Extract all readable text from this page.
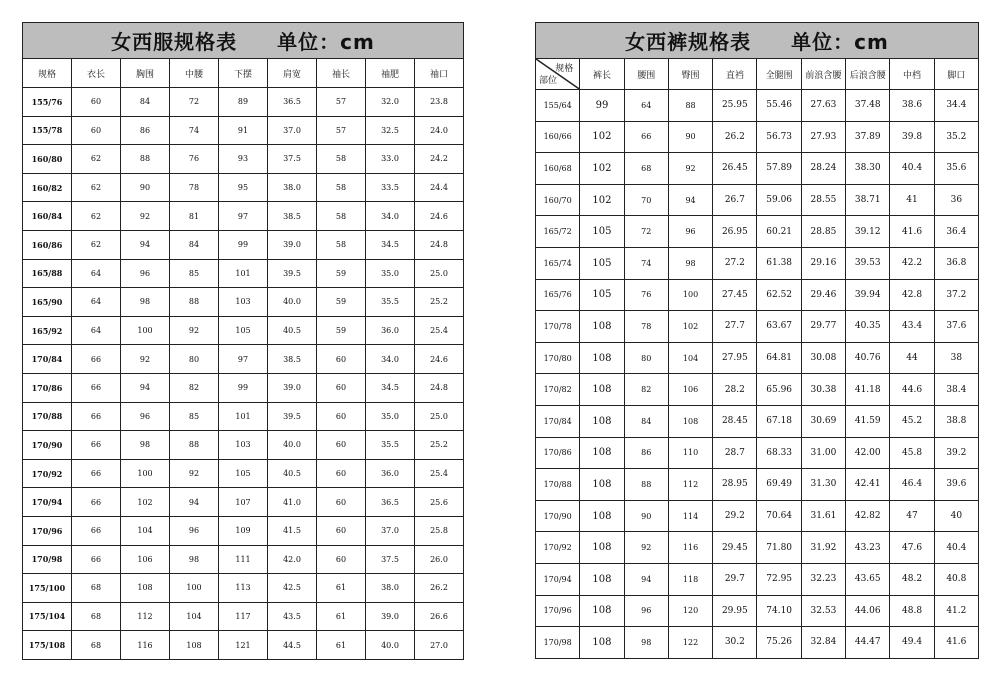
女西服规格表 单位：cm
规格	衣长	胸围	中腰	下摆	肩宽	袖长	袖肥	袖口
155/76	60	84	72	89	36.5	57	32.0	23.8
155/78	60	86	74	91	37.0	57	32.5	24.0
160/80	62	88	76	93	37.5	58	33.0	24.2
160/82	62	90	78	95	38.0	58	33.5	24.4
160/84	62	92	81	97	38.5	58	34.0	24.6
160/86	62	94	84	99	39.0	58	34.5	24.8
165/88	64	96	85	101	39.5	59	35.0	25.0
165/90	64	98	88	103	40.0	59	35.5	25.2
165/92	64	100	92	105	40.5	59	36.0	25.4
170/84	66	92	80	97	38.5	60	34.0	24.6
170/86	66	94	82	99	39.0	60	34.5	24.8
170/88	66	96	85	101	39.5	60	35.0	25.0
170/90	66	98	88	103	40.0	60	35.5	25.2
170/92	66	100	92	105	40.5	60	36.0	25.4
170/94	66	102	94	107	41.0	60	36.5	25.6
170/96	66	104	96	109	41.5	60	37.0	25.8
170/98	66	106	98	111	42.0	60	37.5	26.0
175/100	68	108	100	113	42.5	61	38.0	26.2
175/104	68	112	104	117	43.5	61	39.0	26.6
175/108	68	116	108	121	44.5	61	40.0	27.0
女西裤规格表 单位：cm
规格
部位	裤长	腰围	臀围	直裆	全腿围	前浪含腰	后浪含腰	中档	脚口
155/64	99	64	88	25.95	55.46	27.63	37.48	38.6	34.4
160/66	102	66	90	26.2	56.73	27.93	37.89	39.8	35.2
160/68	102	68	92	26.45	57.89	28.24	38.30	40.4	35.6
160/70	102	70	94	26.7	59.06	28.55	38.71	41	36
165/72	105	72	96	26.95	60.21	28.85	39.12	41.6	36.4
165/74	105	74	98	27.2	61.38	29.16	39.53	42.2	36.8
165/76	105	76	100	27.45	62.52	29.46	39.94	42.8	37.2
170/78	108	78	102	27.7	63.67	29.77	40.35	43.4	37.6
170/80	108	80	104	27.95	64.81	30.08	40.76	44	38
170/82	108	82	106	28.2	65.96	30.38	41.18	44.6	38.4
170/84	108	84	108	28.45	67.18	30.69	41.59	45.2	38.8
170/86	108	86	110	28.7	68.33	31.00	42.00	45.8	39.2
170/88	108	88	112	28.95	69.49	31.30	42.41	46.4	39.6
170/90	108	90	114	29.2	70.64	31.61	42.82	47	40
170/92	108	92	116	29.45	71.80	31.92	43.23	47.6	40.4
170/94	108	94	118	29.7	72.95	32.23	43.65	48.2	40.8
170/96	108	96	120	29.95	74.10	32.53	44.06	48.8	41.2
170/98	108	98	122	30.2	75.26	32.84	44.47	49.4	41.6
